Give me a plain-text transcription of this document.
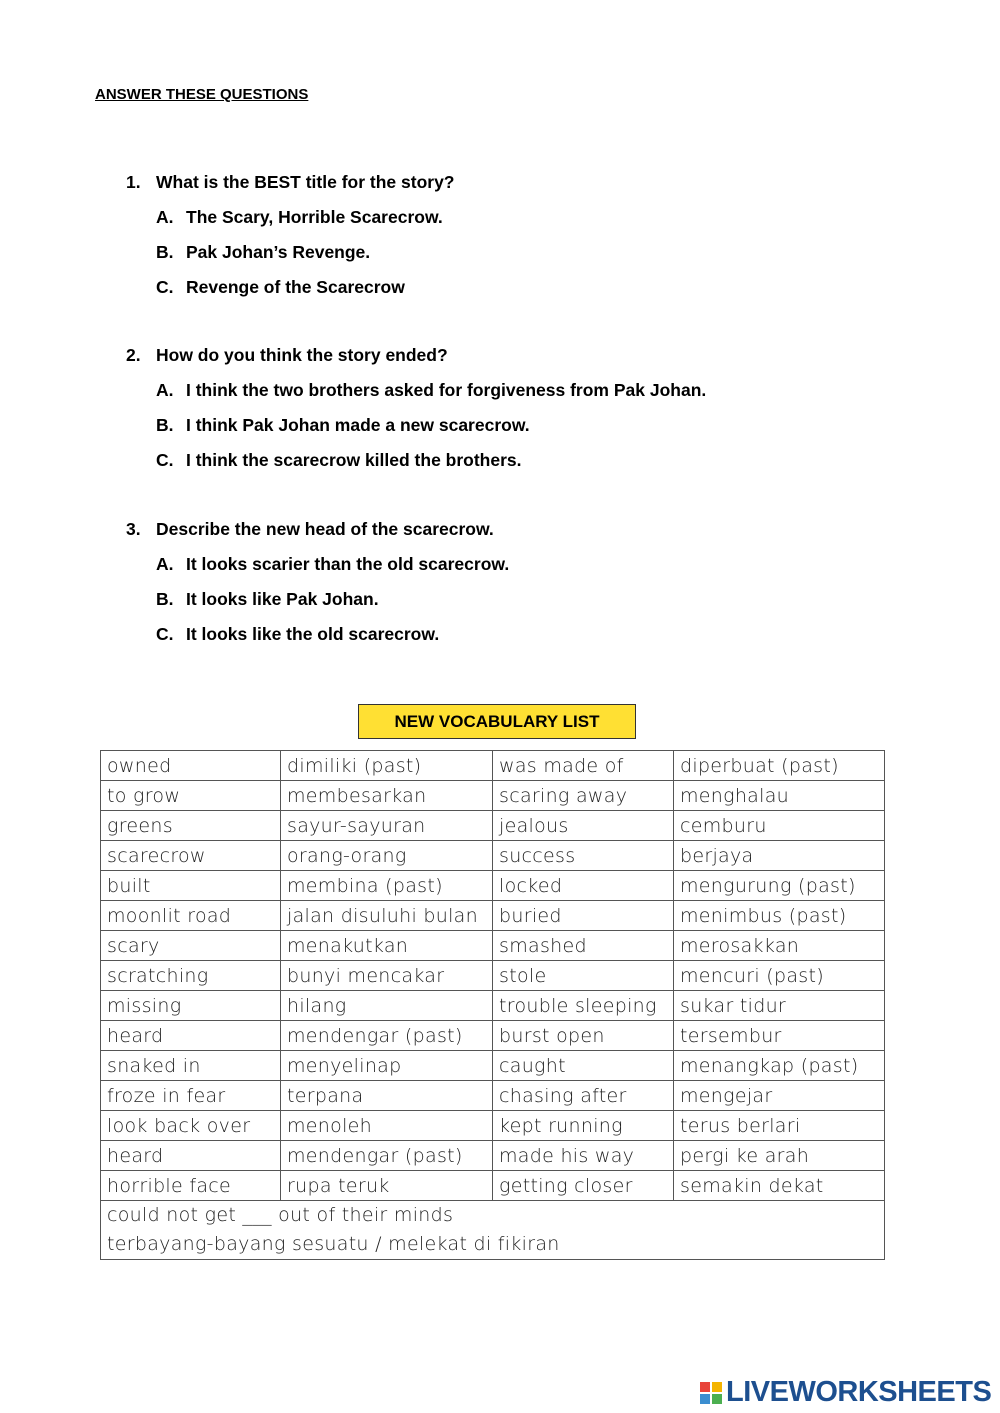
ANSWER THESE QUESTIONS
1. What is the BEST title for the story?
A. The Scary, Horrible Scarecrow.
B. Pak Johan’s Revenge.
C. Revenge of the Scarecrow
2. How do you think the story ended?
A. I think the two brothers asked for forgiveness from Pak Johan.
B. I think Pak Johan made a new scarecrow.
C. I think the scarecrow killed the brothers.
3. Describe the new head of the scarecrow.
A. It looks scarier than the old scarecrow.
B. It looks like Pak Johan.
C. It looks like the old scarecrow.
NEW VOCABULARY LIST
owned	dimiliki (past)	was made of	diperbuat (past)
to grow	membesarkan	scaring away	menghalau
greens	sayur-sayuran	jealous	cemburu
scarecrow	orang-orang	success	berjaya
built	membina (past)	locked	mengurung (past)
moonlit road	jalan disuluhi bulan	buried	menimbus (past)
scary	menakutkan	smashed	merosakkan
scratching	bunyi mencakar	stole	mencuri (past)
missing	hilang	trouble sleeping	sukar tidur
heard	mendengar (past)	burst open	tersembur
snaked in	menyelinap	caught	menangkap (past)
froze in fear	terpana	chasing after	mengejar
look back over	menoleh	kept running	terus berlari
heard	mendengar (past)	made his way	pergi ke arah
horrible face	rupa teruk	getting closer	semakin dekat

could not get ___ out of their minds
terbayang-bayang sesuatu / melekat di fikiran			
LIVEWORKSHEETS
